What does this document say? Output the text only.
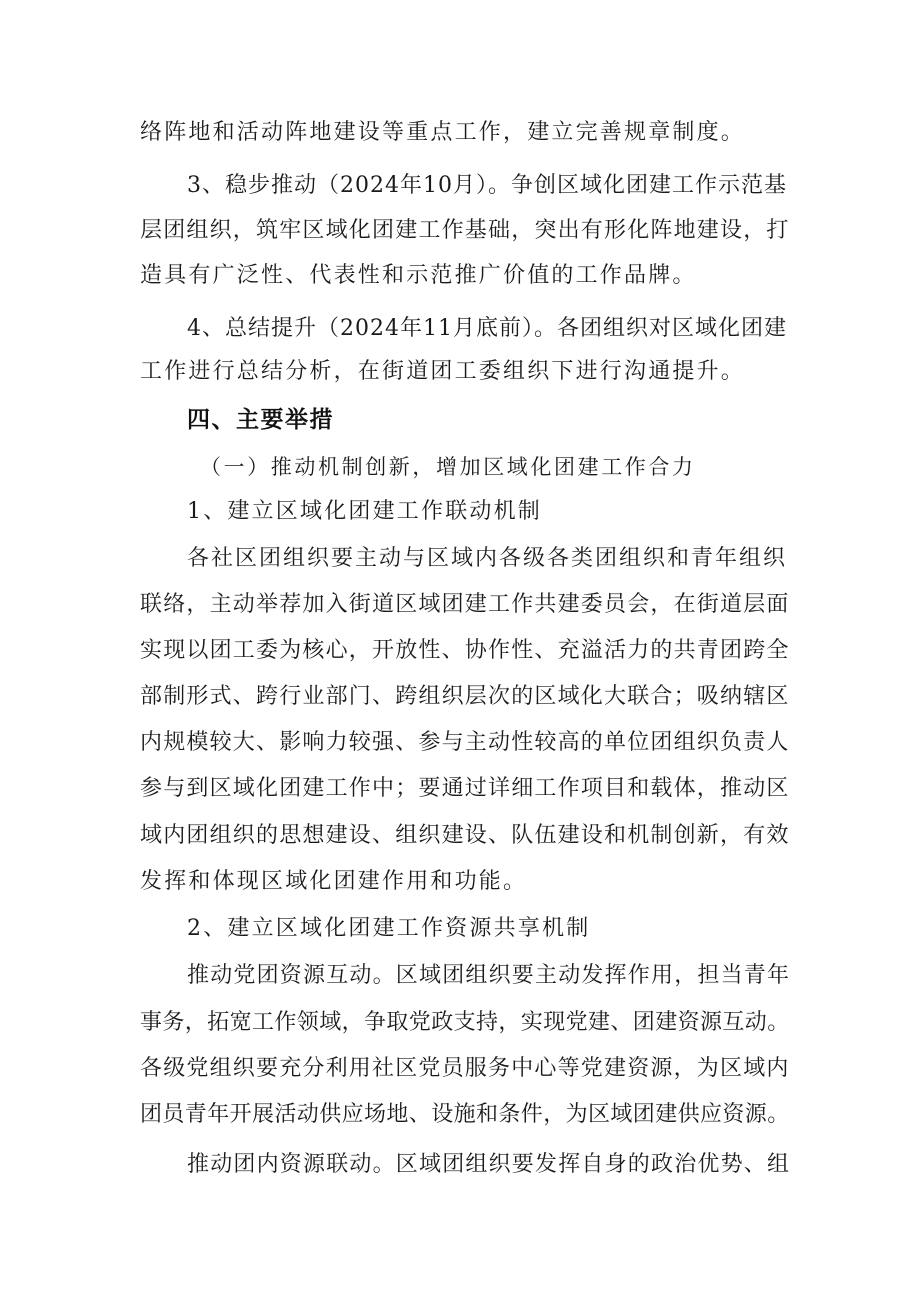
络阵地和活动阵地建设等重点工作，建立完善规章制度。
3、稳步推动（2024年10月）。争创区域化团建工作示范基
层团组织，筑牢区域化团建工作基础，突出有形化阵地建设，打
造具有广泛性、代表性和示范推广价值的工作品牌。
4、总结提升（2024年11月底前）。各团组织对区域化团建
工作进行总结分析，在街道团工委组织下进行沟通提升。
四、主要举措
（一）推动机制创新，增加区域化团建工作合力
1、建立区域化团建工作联动机制
各社区团组织要主动与区域内各级各类团组织和青年组织
联络，主动举荐加入街道区域团建工作共建委员会，在街道层面
实现以团工委为核心，开放性、协作性、充溢活力的共青团跨全
部制形式、跨行业部门、跨组织层次的区域化大联合；吸纳辖区
内规模较大、影响力较强、参与主动性较高的单位团组织负责人
参与到区域化团建工作中；要通过详细工作项目和载体，推动区
域内团组织的思想建设、组织建设、队伍建设和机制创新，有效
发挥和体现区域化团建作用和功能。
2、建立区域化团建工作资源共享机制
推动党团资源互动。区域团组织要主动发挥作用，担当青年
事务，拓宽工作领域，争取党政支持，实现党建、团建资源互动。
各级党组织要充分利用社区党员服务中心等党建资源，为区域内
团员青年开展活动供应场地、设施和条件，为区域团建供应资源。
推动团内资源联动。区域团组织要发挥自身的政治优势、组
